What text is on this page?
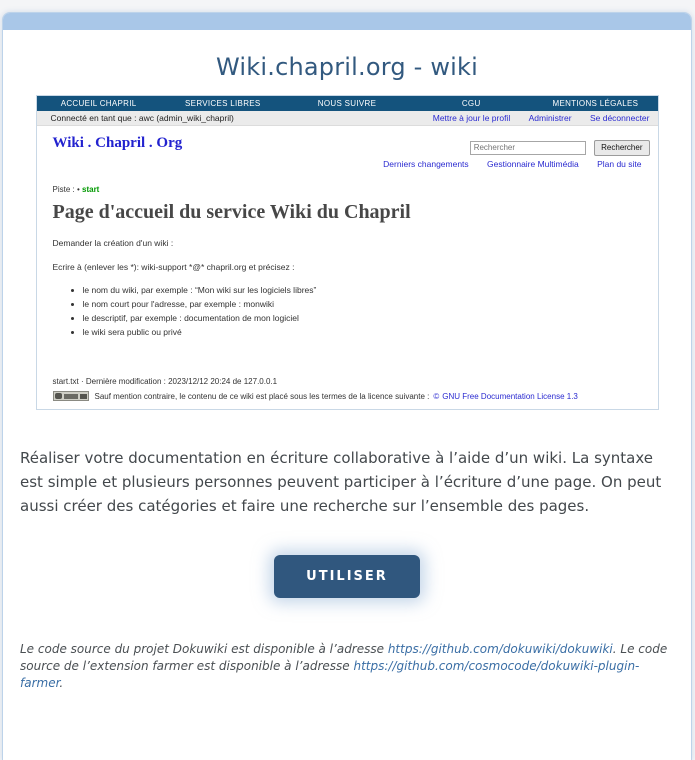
Wiki.chapril.org - wiki
ACCUEIL CHAPRIL	SERVICES LIBRES	NOUS SUIVRE	CGU	MENTIONS LÉGALES
Connecté en tant que : awc (admin_wiki_chapril)	Mettre à jour le profil Administrer Se déconnecter
Wiki . Chapril . Org
Rechercher	Rechercher
Derniers changements Gestionnaire Multimédia Plan du site
Piste : • start
Page d'accueil du service Wiki du Chapril

Demander la création d'un wiki :

Ecrire à (enlever les *): wiki-support *@* chapril.org et précisez :

• le nom du wiki, par exemple : “Mon wiki sur les logiciels libres”
• le nom court pour l'adresse, par exemple : monwiki
• le descriptif, par exemple : documentation de mon logiciel
• le wiki sera public ou privé
start.txt · Dernière modification : 2023/12/12 20:24 de 127.0.0.1
Sauf mention contraire, le contenu de ce wiki est placé sous les termes de la licence suivante : © GNU Free Documentation License 1.3

Réaliser votre documentation en écriture collaborative à l’aide d’un wiki. La syntaxe est simple et plusieurs personnes peuvent participer à l’écriture d’une page. On peut aussi créer des catégories et faire une recherche sur l’ensemble des pages.

UTILISER

Le code source du projet Dokuwiki est disponible à l’adresse https://github.com/dokuwiki/dokuwiki. Le code source de l’extension farmer est disponible à l’adresse https://github.com/cosmocode/dokuwiki-plugin-farmer.
